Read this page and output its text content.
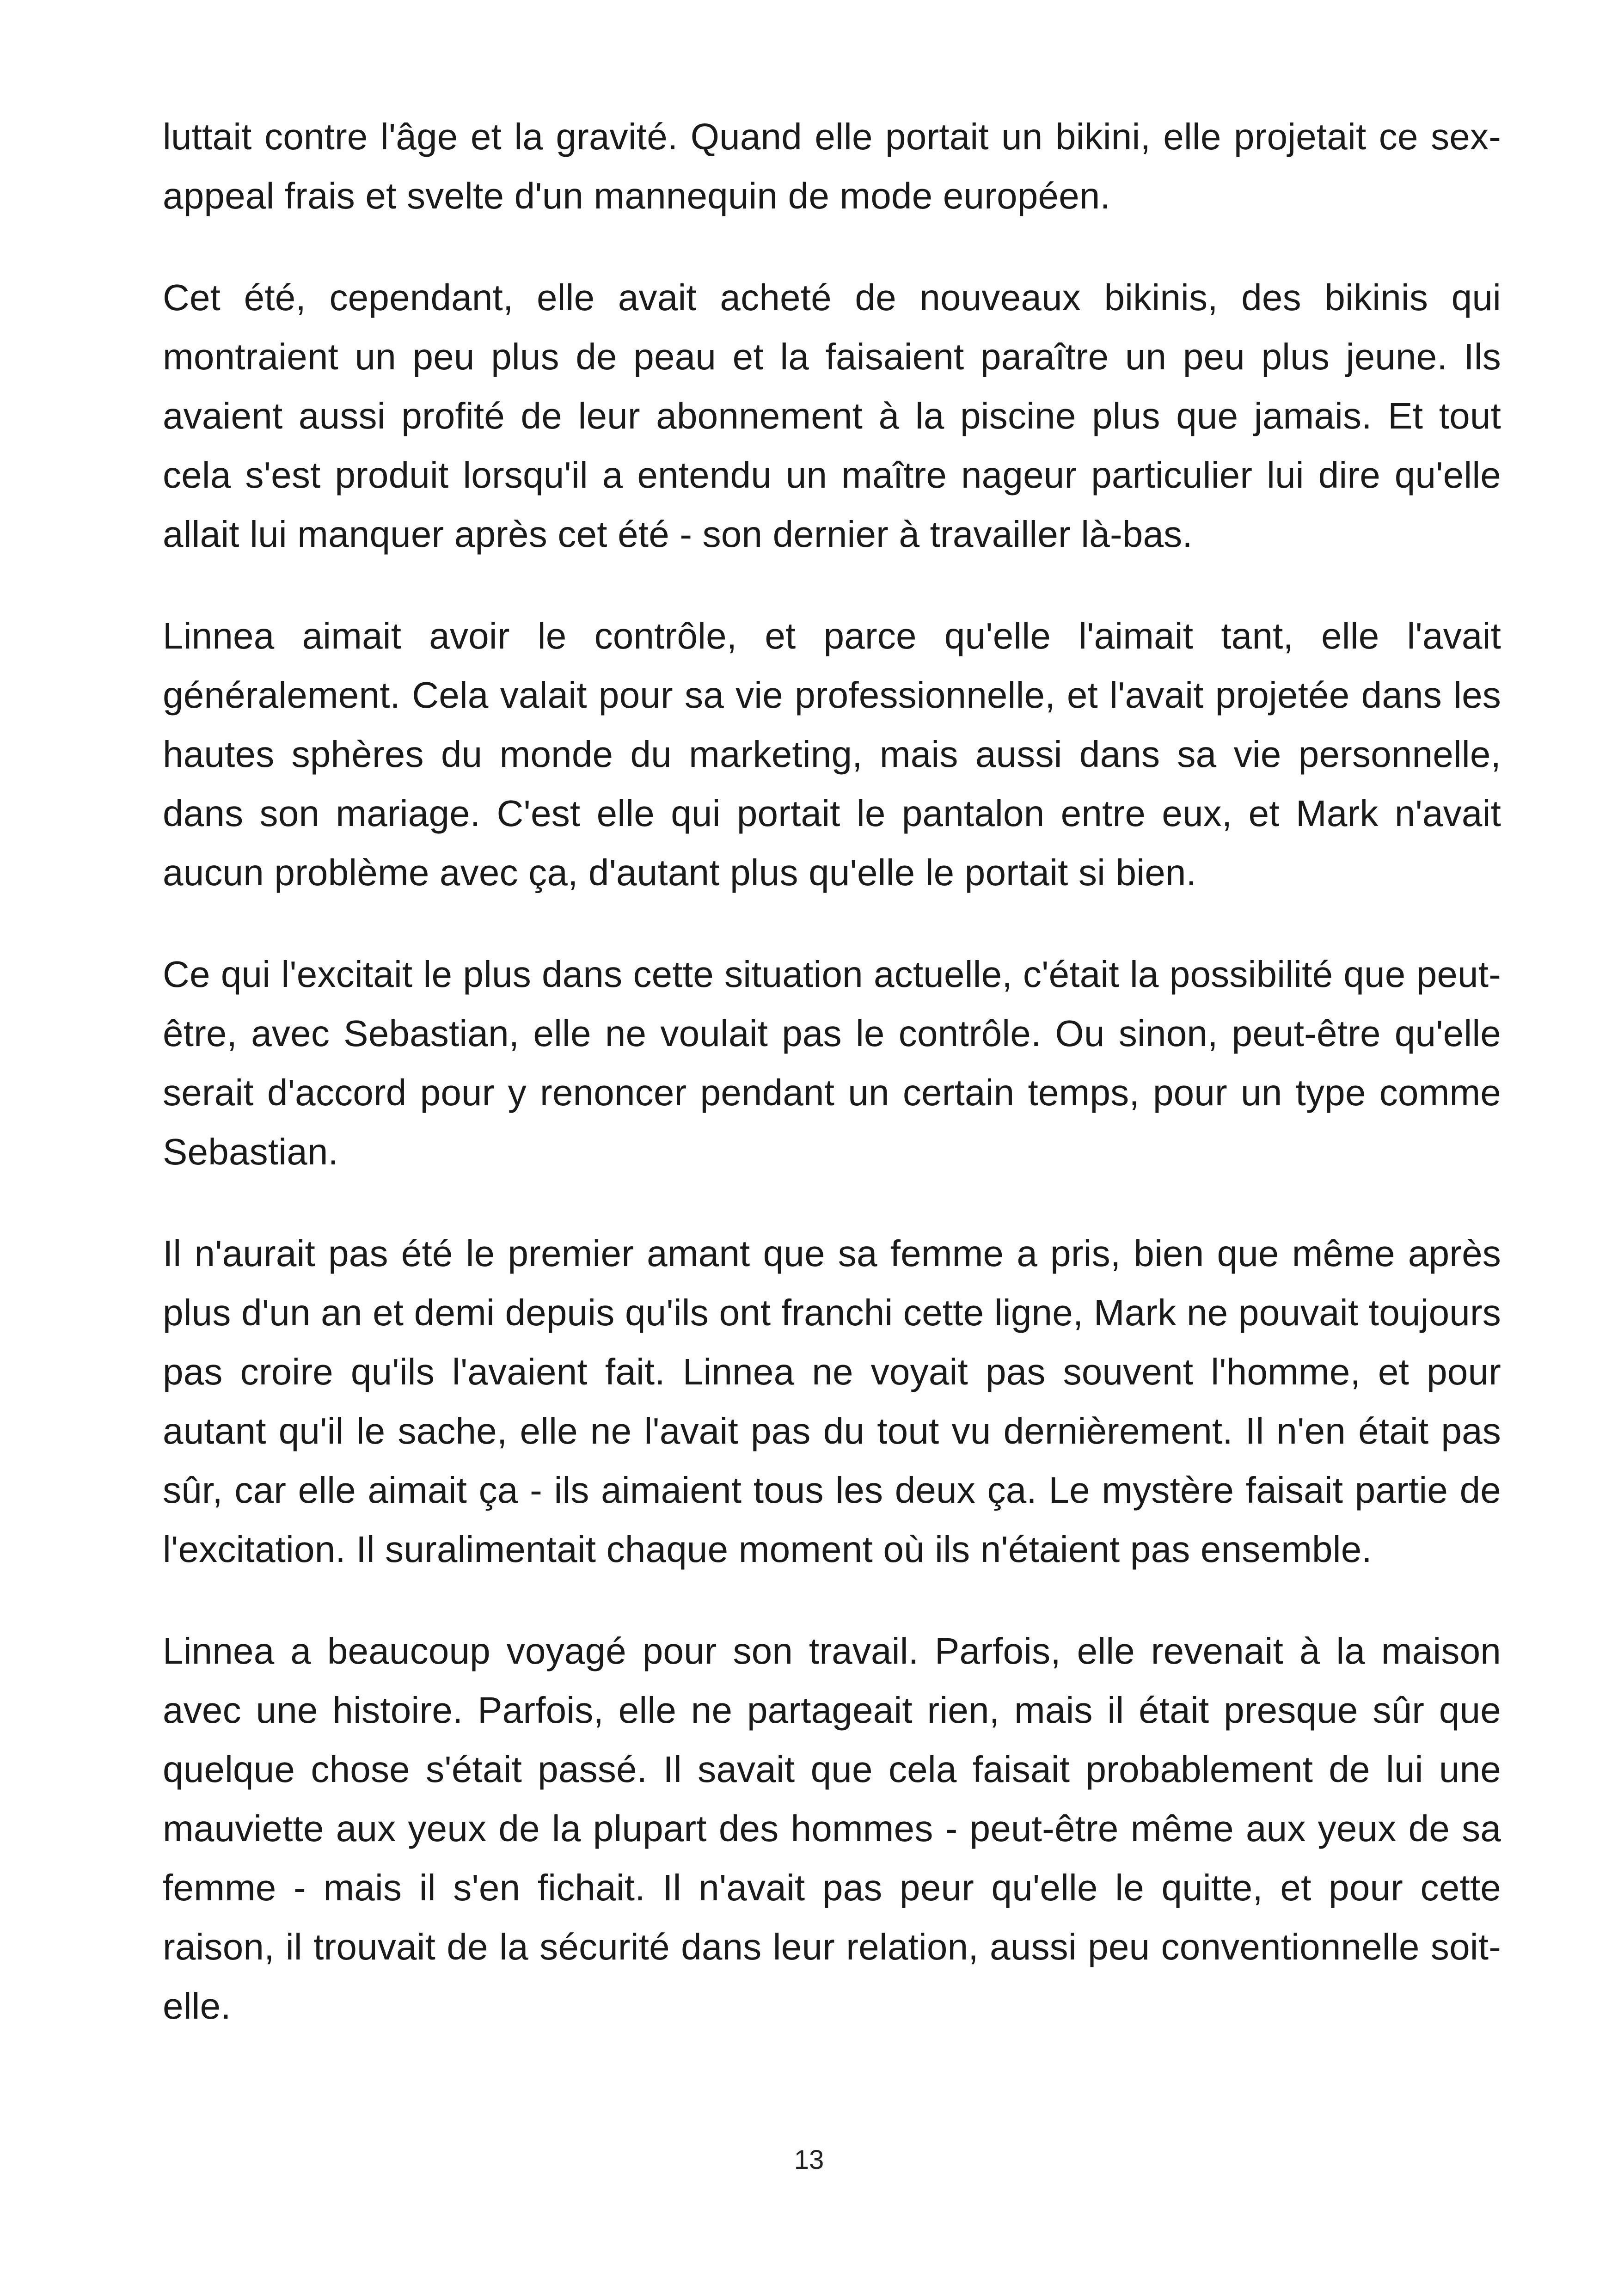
luttait contre l'âge et la gravité. Quand elle portait un bikini, elle projetait ce sex-appeal frais et svelte d'un mannequin de mode européen.

Cet été, cependant, elle avait acheté de nouveaux bikinis, des bikinis qui montraient un peu plus de peau et la faisaient paraître un peu plus jeune. Ils avaient aussi profité de leur abonnement à la piscine plus que jamais. Et tout cela s'est produit lorsqu'il a entendu un maître nageur particulier lui dire qu'elle allait lui manquer après cet été - son dernier à travailler là-bas.

Linnea aimait avoir le contrôle, et parce qu'elle l'aimait tant, elle l'avait généralement. Cela valait pour sa vie professionnelle, et l'avait projetée dans les hautes sphères du monde du marketing, mais aussi dans sa vie personnelle, dans son mariage. C'est elle qui portait le pantalon entre eux, et Mark n'avait aucun problème avec ça, d'autant plus qu'elle le portait si bien.

Ce qui l'excitait le plus dans cette situation actuelle, c'était la possibilité que peut-être, avec Sebastian, elle ne voulait pas le contrôle. Ou sinon, peut-être qu'elle serait d'accord pour y renoncer pendant un certain temps, pour un type comme Sebastian.

Il n'aurait pas été le premier amant que sa femme a pris, bien que même après plus d'un an et demi depuis qu'ils ont franchi cette ligne, Mark ne pouvait toujours pas croire qu'ils l'avaient fait. Linnea ne voyait pas souvent l'homme, et pour autant qu'il le sache, elle ne l'avait pas du tout vu dernièrement. Il n'en était pas sûr, car elle aimait ça - ils aimaient tous les deux ça. Le mystère faisait partie de l'excitation. Il suralimentait chaque moment où ils n'étaient pas ensemble.

Linnea a beaucoup voyagé pour son travail. Parfois, elle revenait à la maison avec une histoire. Parfois, elle ne partageait rien, mais il était presque sûr que quelque chose s'était passé. Il savait que cela faisait probablement de lui une mauviette aux yeux de la plupart des hommes - peut-être même aux yeux de sa femme - mais il s'en fichait. Il n'avait pas peur qu'elle le quitte, et pour cette raison, il trouvait de la sécurité dans leur relation, aussi peu conventionnelle soit-elle.

13
